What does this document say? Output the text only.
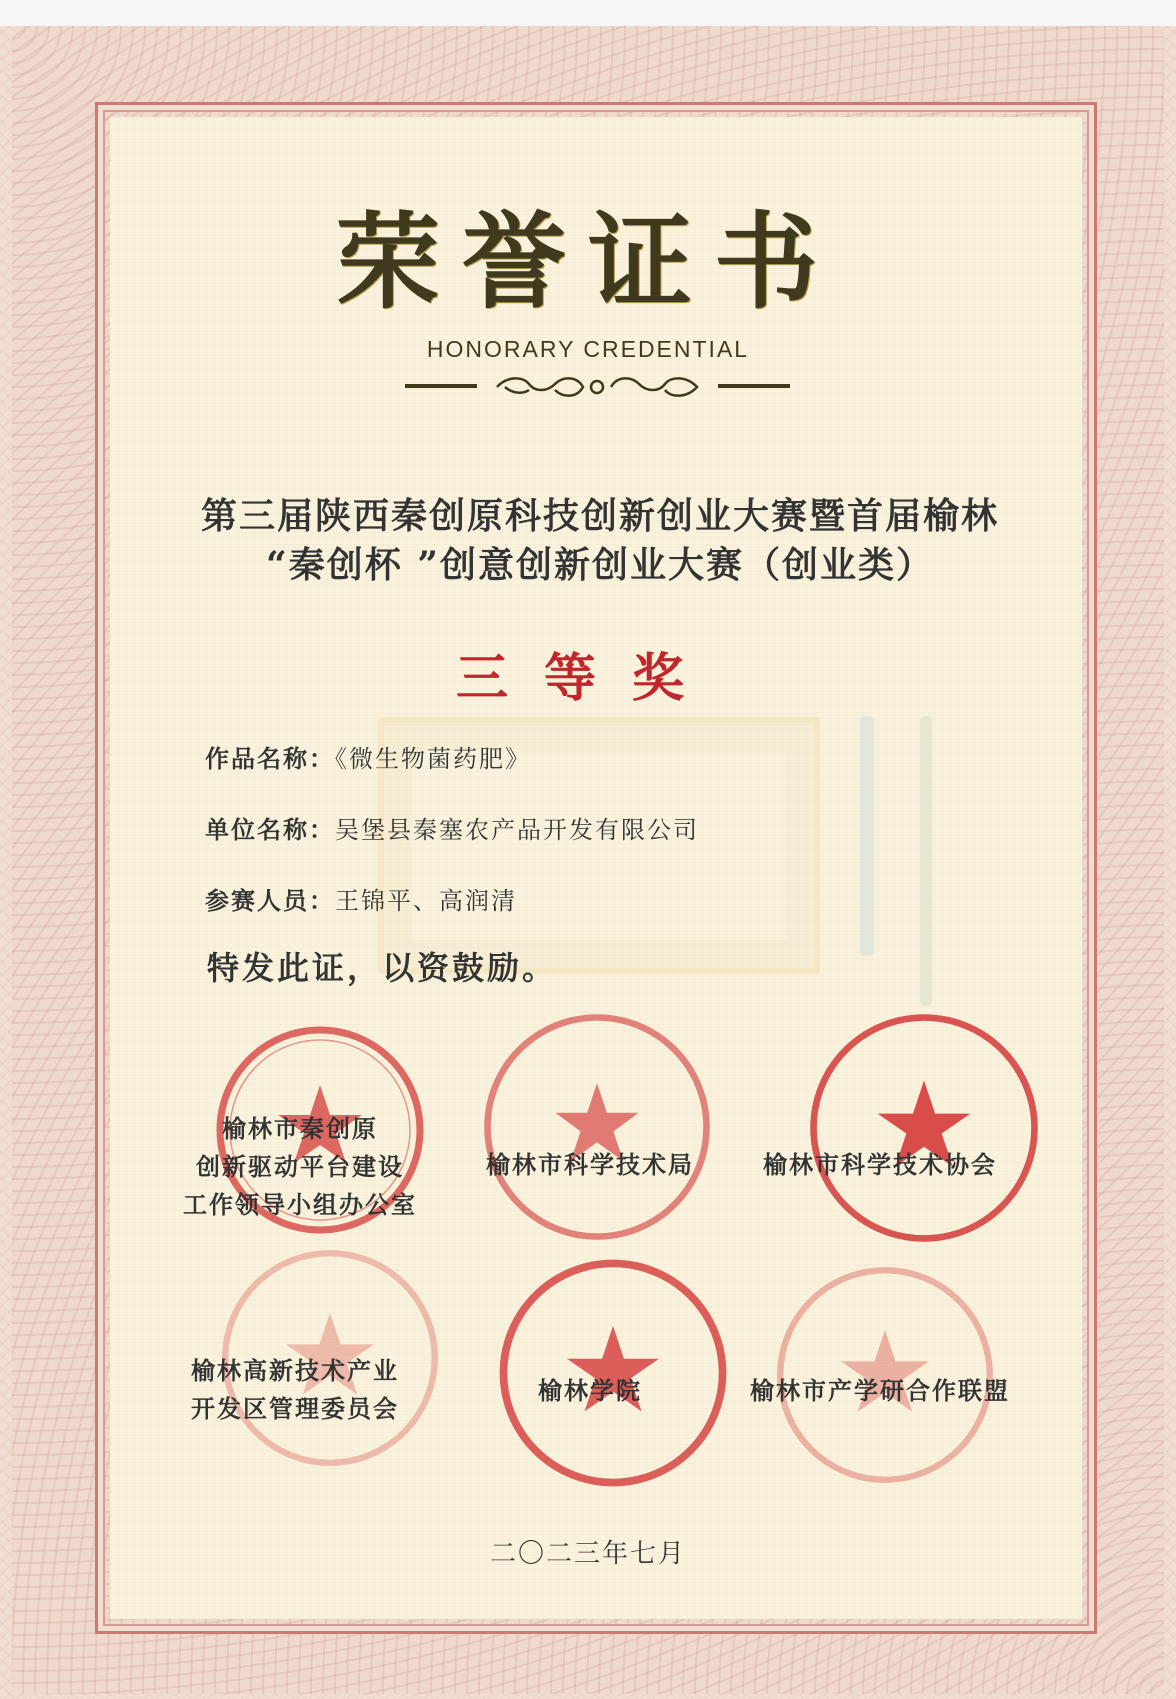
荣誉证书
HONORARY CREDENTIAL
第三届陕西秦创原科技创新创业大赛暨首届榆林
“秦创杯 ”创意创新创业大赛（创业类）
三等奖
作品名称：《微生物菌药肥》
单位名称：吴堡县秦塞农产品开发有限公司
参赛人员：王锦平、高润清
特发此证，以资鼓励。
榆林市秦创原
创新驱动平台建设
工作领导小组办公室
榆林市科学技术局	榆林市科学技术协会
榆林高新技术产业
开发区管理委员会
榆林学院	榆林市产学研合作联盟
二〇二三年七月
